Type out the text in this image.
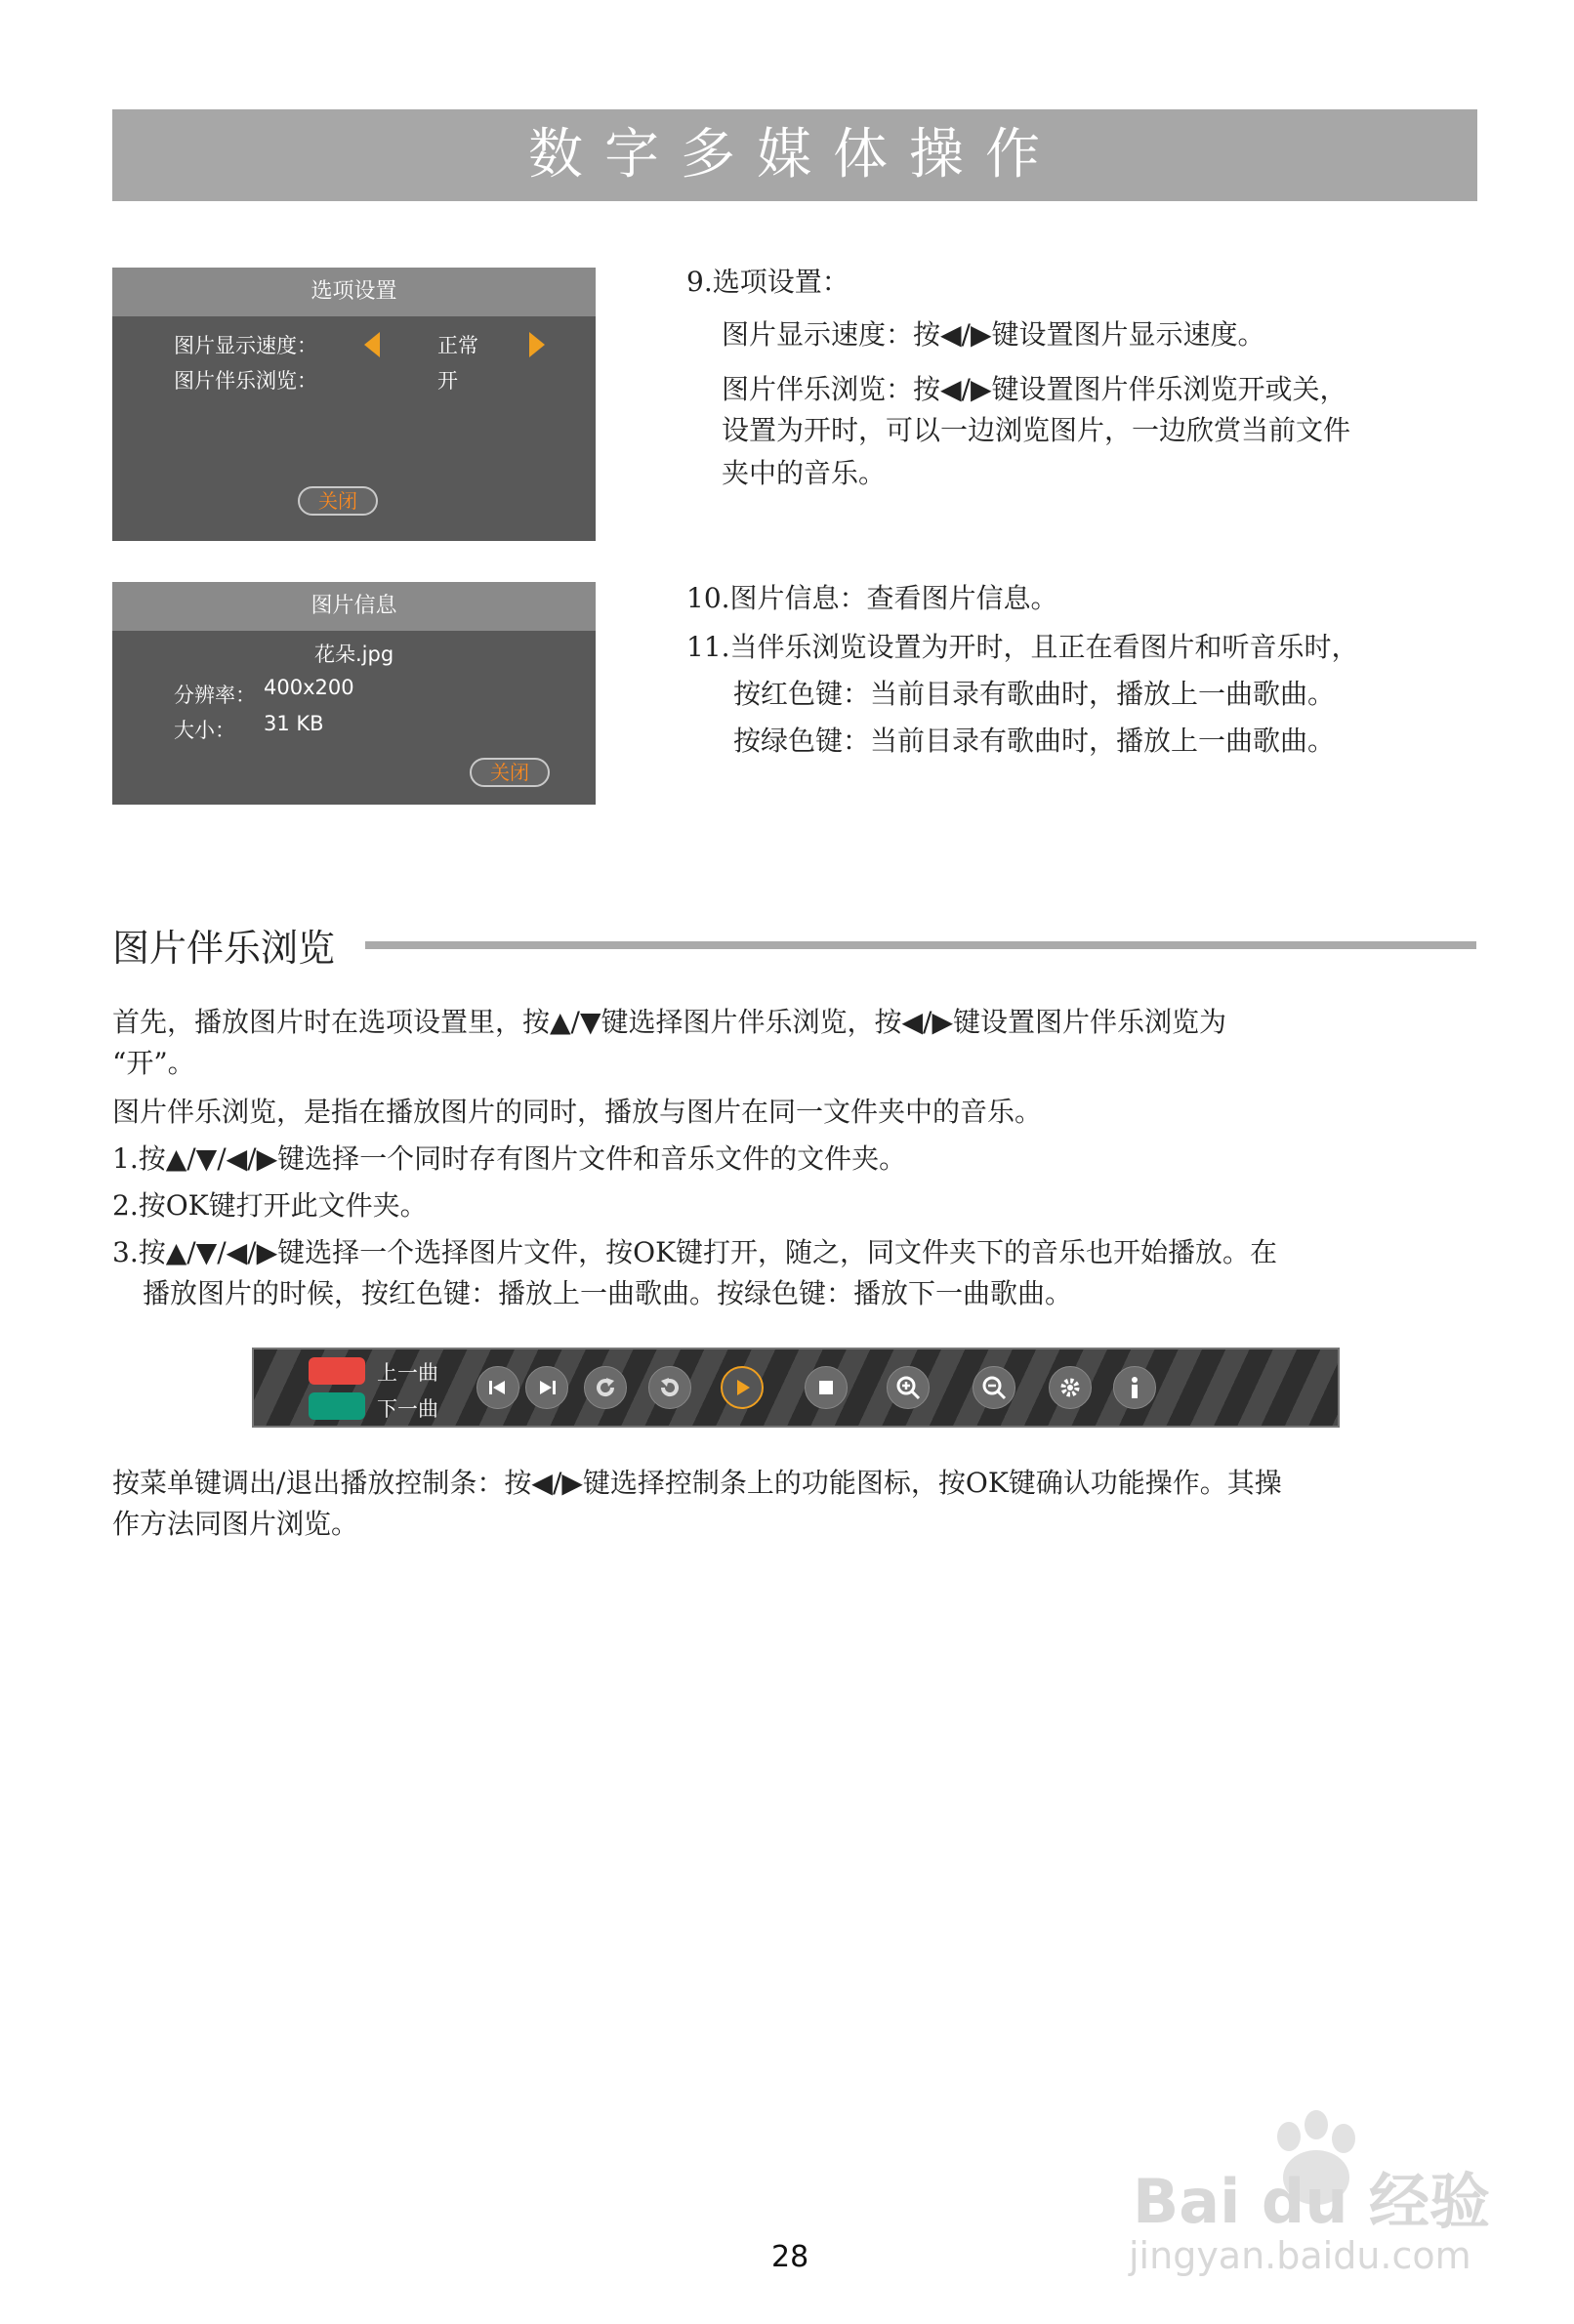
数字多媒体操作
选项设置
图片显示速度：	正常
图片伴乐浏览：	开
关闭
图片信息
花朵.jpg
分辨率： 400x200
大小： 31 KB
关闭
9.选项设置：
图片显示速度：按◀/▶键设置图片显示速度。
图片伴乐浏览：按◀/▶键设置图片伴乐浏览开或关，
设置为开时，可以一边浏览图片，一边欣赏当前文件
夹中的音乐。
10.图片信息：查看图片信息。
11.当伴乐浏览设置为开时，且正在看图片和听音乐时，
按红色键：当前目录有歌曲时，播放上一曲歌曲。
按绿色键：当前目录有歌曲时，播放上一曲歌曲。
图片伴乐浏览
首先，播放图片时在选项设置里，按▲/▼键选择图片伴乐浏览，按◀/▶键设置图片伴乐浏览为
“开”。
图片伴乐浏览，是指在播放图片的同时，播放与图片在同一文件夹中的音乐。
1.按▲/▼/◀/▶键选择一个同时存有图片文件和音乐文件的文件夹。
2.按OK键打开此文件夹。
3.按▲/▼/◀/▶键选择一个选择图片文件，按OK键打开，随之，同文件夹下的音乐也开始播放。在
播放图片的时候，按红色键：播放上一曲歌曲。按绿色键：播放下一曲歌曲。
上一曲
下一曲
按菜单键调出/退出播放控制条：按◀/▶键选择控制条上的功能图标，按OK键确认功能操作。其操
作方法同图片浏览。
Bai du 经验
jingyan.baidu.com
28
